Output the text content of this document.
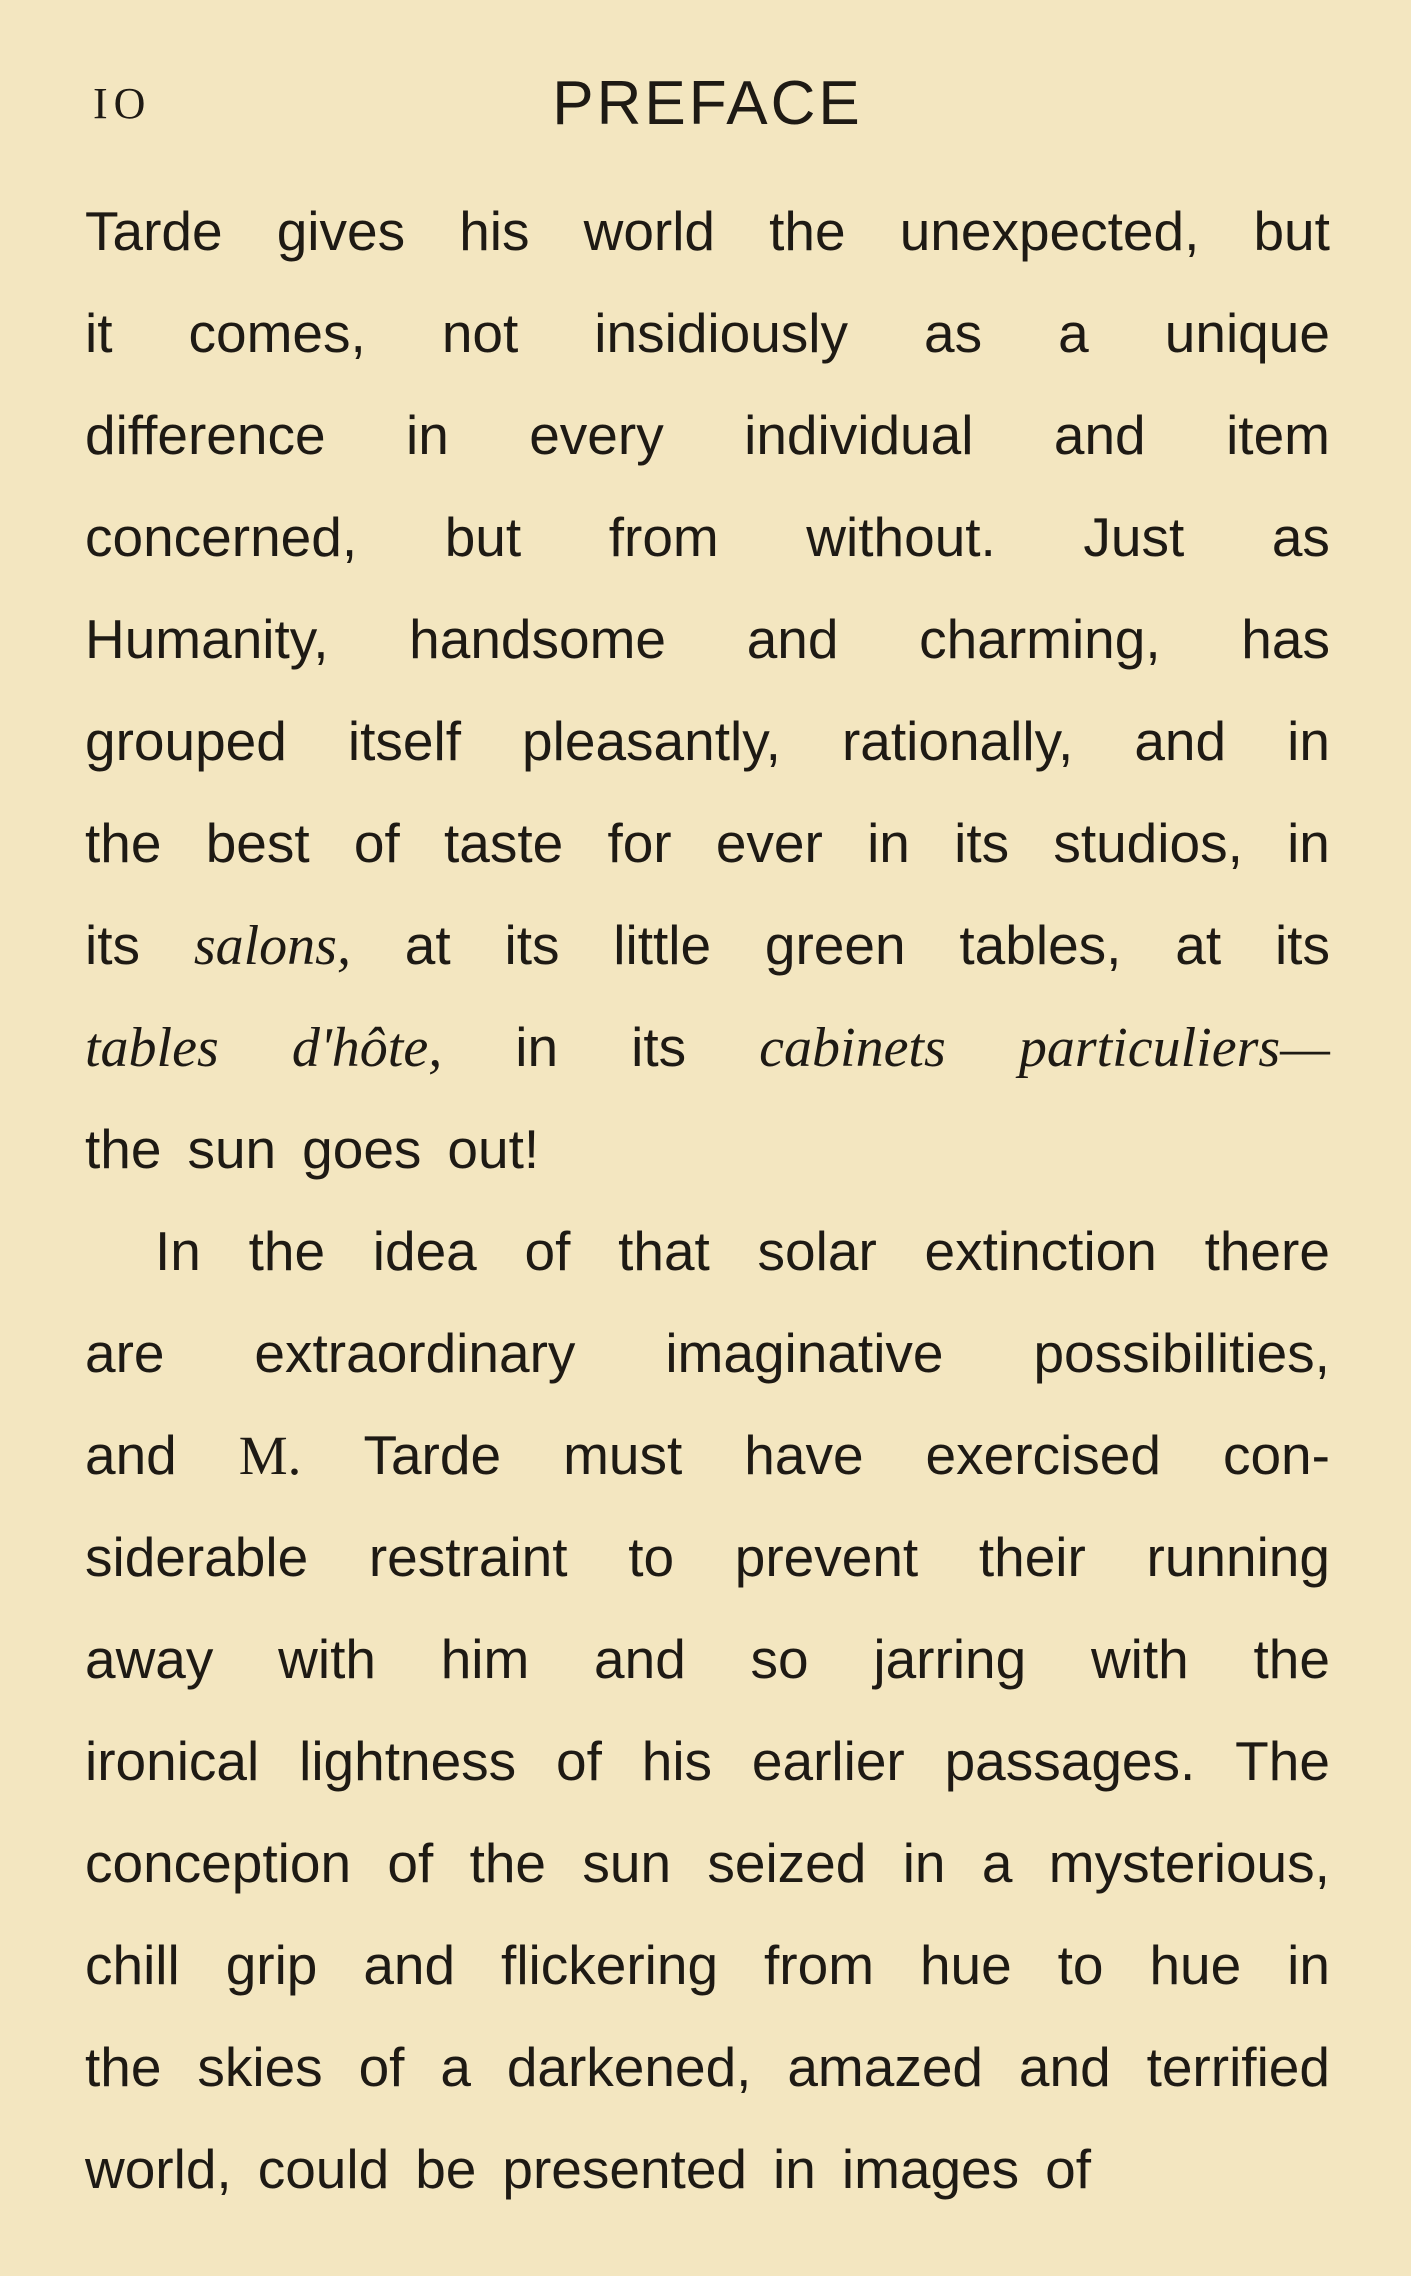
IO	PREFACE
Tarde gives his world the unexpected, but
it comes, not insidiously as a unique
difference in every individual and item
concerned, but from without. Just as
Humanity, handsome and charming, has
grouped itself pleasantly, rationally, and in
the best of taste for ever in its studios, in
its salons, at its little green tables, at its
tables d'hôte, in its cabinets particuliers—
the sun goes out!
In the idea of that solar extinction there
are extraordinary imaginative possibilities,
and M. Tarde must have exercised con-
siderable restraint to prevent their running
away with him and so jarring with the
ironical lightness of his earlier passages. The
conception of the sun seized in a mysterious,
chill grip and flickering from hue to hue in
the skies of a darkened, amazed and terrified
world, could be presented in images of
